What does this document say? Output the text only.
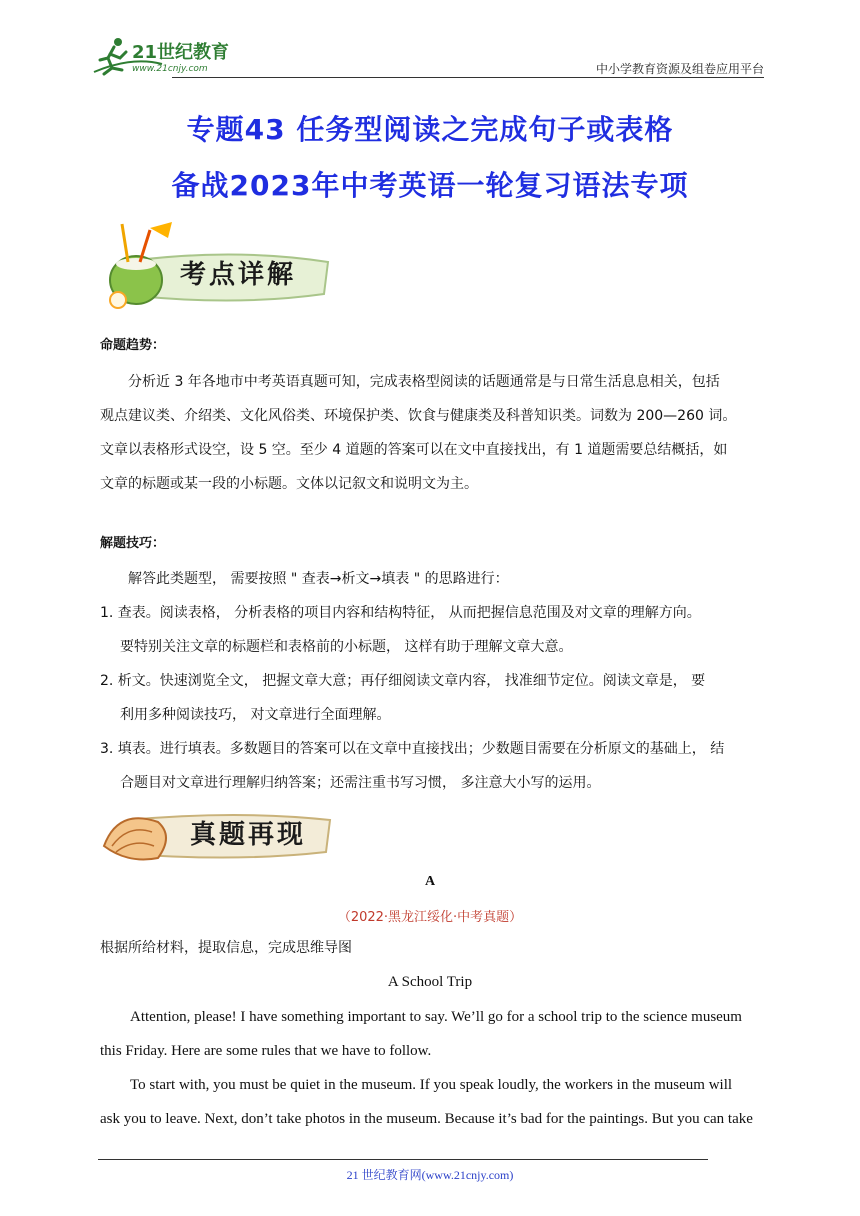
21世纪教育
www.21cnjy.com	中小学教育资源及组卷应用平台
专题43 任务型阅读之完成句子或表格
备战2023年中考英语一轮复习语法专项
考点详解
命题趋势：
分析近 3 年各地市中考英语真题可知，完成表格型阅读的话题通常是与日常生活息息相关，包括
观点建议类、介绍类、文化风俗类、环境保护类、饮食与健康类及科普知识类。词数为 200—260 词。
文章以表格形式设空，设 5 空。至少 4 道题的答案可以在文中直接找出，有 1 道题需要总结概括，如
文章的标题或某一段的小标题。文体以记叙文和说明文为主。
解题技巧：
解答此类题型， 需要按照 " 查表→析文→填表 " 的思路进行：
1. 查表。阅读表格， 分析表格的项目内容和结构特征， 从而把握信息范围及对文章的理解方向。
要特别关注文章的标题栏和表格前的小标题， 这样有助于理解文章大意。
2. 析文。快速浏览全文， 把握文章大意；再仔细阅读文章内容， 找准细节定位。阅读文章是， 要
利用多种阅读技巧， 对文章进行全面理解。
3. 填表。进行填表。多数题目的答案可以在文章中直接找出；少数题目需要在分析原文的基础上， 结
合题目对文章进行理解归纳答案；还需注重书写习惯， 多注意大小写的运用。
真题再现
A
（2022·黑龙江绥化·中考真题）
根据所给材料，提取信息，完成思维导图
A School Trip
Attention, please! I have something important to say. We’ll go for a school trip to the science museum
this Friday. Here are some rules that we have to follow.
To start with, you must be quiet in the museum. If you speak loudly, the workers in the museum will
ask you to leave. Next, don’t take photos in the museum. Because it’s bad for the paintings. But you can take
21 世纪教育网(www.21cnjy.com)
